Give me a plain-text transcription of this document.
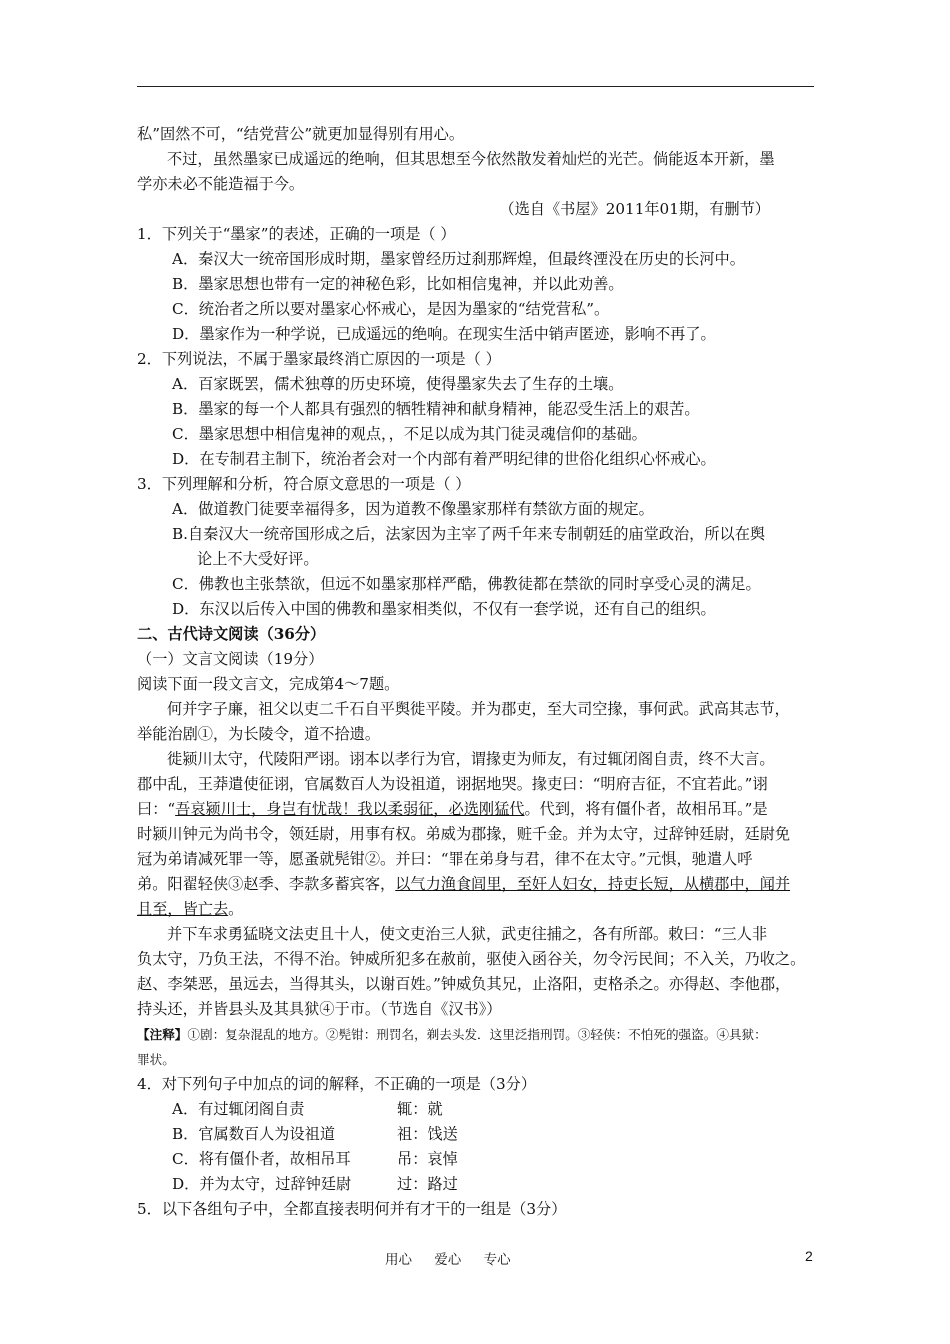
私”固然不可，“结党营公”就更加显得别有用心。
不过，虽然墨家已成遥远的绝响，但其思想至今依然散发着灿烂的光芒。倘能返本开新，墨
学亦未必不能造福于今。
（选自《书屋》2011年01期，有删节）
1．下列关于“墨家”的表述，正确的一项是（ ）
A．秦汉大一统帝国形成时期，墨家曾经历过刹那辉煌，但最终湮没在历史的长河中。
B．墨家思想也带有一定的神秘色彩，比如相信鬼神，并以此劝善。
C．统治者之所以要对墨家心怀戒心，是因为墨家的“结党营私”。
D．墨家作为一种学说，已成遥远的绝响。在现实生活中销声匿迹，影响不再了。
2．下列说法，不属于墨家最终消亡原因的一项是（ ）
A．百家既罢，儒术独尊的历史环境，使得墨家失去了生存的土壤。
B．墨家的每一个人都具有强烈的牺牲精神和献身精神，能忍受生活上的艰苦。
C．墨家思想中相信鬼神的观点，，不足以成为其门徒灵魂信仰的基础。
D．在专制君主制下，统治者会对一个内部有着严明纪律的世俗化组织心怀戒心。
3．下列理解和分析，符合原文意思的一项是（ ）
A．做道教门徒要幸福得多，因为道教不像墨家那样有禁欲方面的规定。
B.自秦汉大一统帝国形成之后，法家因为主宰了两千年来专制朝廷的庙堂政治，所以在舆
论上不大受好评。
C．佛教也主张禁欲，但远不如墨家那样严酷，佛教徒都在禁欲的同时享受心灵的满足。
D．东汉以后传入中国的佛教和墨家相类似，不仅有一套学说，还有自己的组织。
二、古代诗文阅读（36分）
（一）文言文阅读（19分）
阅读下面一段文言文，完成第4～7题。
何并字子廉，祖父以吏二千石自平舆徙平陵。并为郡吏，至大司空掾，事何武。武高其志节，
举能治剧①，为长陵令，道不拾遗。
徙颍川太守，代陵阳严诩。诩本以孝行为官，谓掾吏为师友，有过辄闭阁自责，终不大言。
郡中乱，王莽遣使征诩，官属数百人为设祖道，诩据地哭。掾吏曰：“明府吉征，不宜若此。”诩
曰：“吾哀颍川士，身岂有忧哉！我以柔弱征，必选刚猛代。代到，将有僵仆者，故相吊耳。”是
时颍川钟元为尚书令，领廷尉，用事有权。弟威为郡掾，赃千金。并为太守，过辞钟廷尉，廷尉免
冠为弟请减死罪一等，愿蚤就髡钳②。并曰：“罪在弟身与君，律不在太守。”元惧，驰遣人呼
弟。阳翟轻侠③赵季、李款多蓄宾客，以气力渔食闾里，至奸人妇女，持吏长短，从横郡中，闻并
且至，皆亡去。
并下车求勇猛晓文法吏且十人，使文吏治三人狱，武吏往捕之，各有所部。敕曰：“三人非
负太守，乃负王法，不得不治。钟威所犯多在赦前，驱使入函谷关，勿令污民间；不入关，乃收之。
赵、李桀恶，虽远去，当得其头，以谢百姓。”钟威负其兄，止洛阳，吏格杀之。亦得赵、李他郡，
持头还，并皆县头及其具狱④于市。（节选自《汉书》）
【注释】①剧：复杂混乱的地方。②髡钳：刑罚名，剃去头发．这里泛指刑罚。③轻侠：不怕死的强盗。④具狱：
罪状。
4．对下列句子中加点的词的解释，不正确的一项是（3分）
A．有过辄闭阁自责	辄：就
B．官属数百人为设祖道	祖：饯送
C．将有僵仆者，故相吊耳	吊：哀悼
D．并为太守，过辞钟廷尉	过：路过
5．以下各组句子中，全都直接表明何并有才干的一组是（3分）
用心 爱心 专心	2
